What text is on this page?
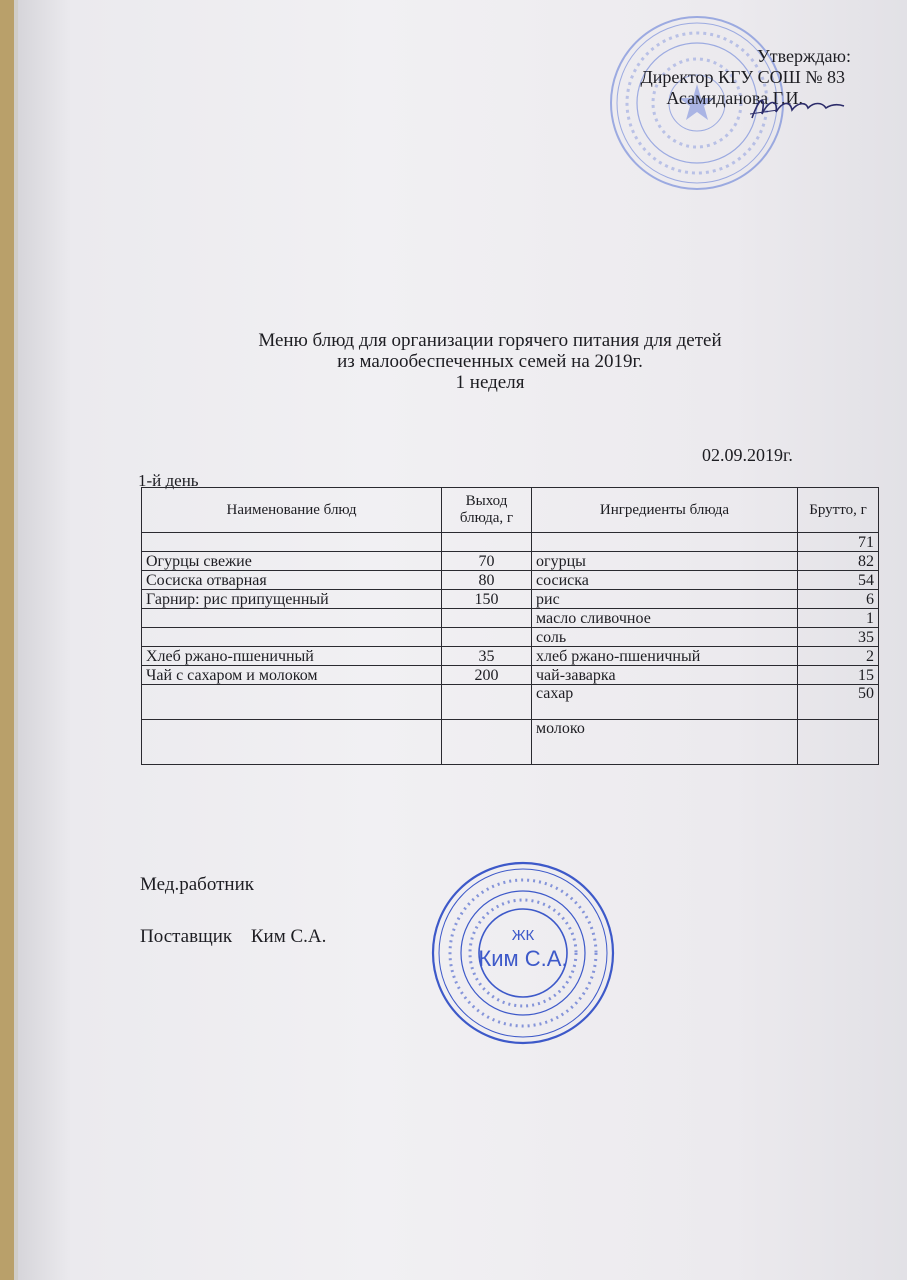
Утверждаю:
Директор КГУ СОШ № 83
Асамиданова Г.И.
Меню блюд для организации горячего питания для детей
из малообеспеченных семей на 2019г.
1 неделя
02.09.2019г.
1-й день
Наименование блюд	Выход блюда, г	Ингредиенты блюда	Брутто, г
			71
Огурцы свежие	70	огурцы	82
Сосиска отварная	80	сосиска	54
Гарнир: рис припущенный	150	рис	6
		масло сливочное	1
		соль	35
Хлеб ржано-пшеничный	35	хлеб ржано-пшеничный	2
Чай с сахаром и молоком	200	чай-заварка	15
		сахар	50
		молоко	
Мед.работник
Поставщик Ким С.А.	ЖК
Ким С.А.
